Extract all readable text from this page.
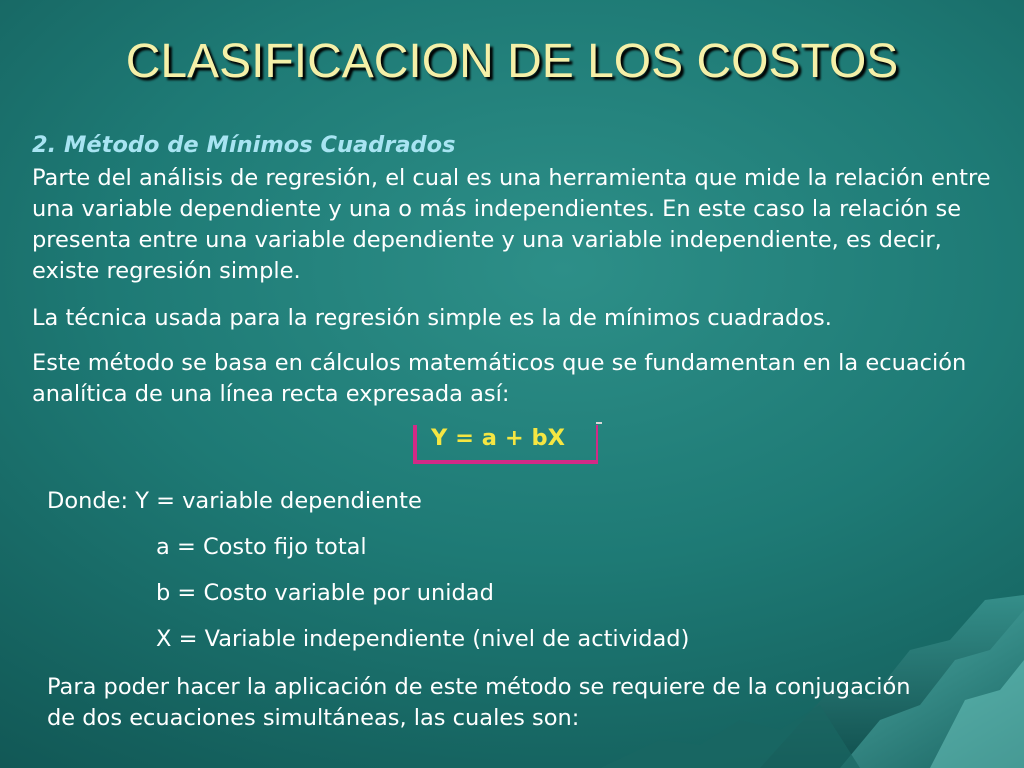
CLASIFICACION DE LOS COSTOS
2. Método de Mínimos Cuadrados

Parte del análisis de regresión, el cual es una herramienta que mide la relación entre una variable dependiente y una o más independientes. En este caso la relación se presenta entre una variable dependiente y una variable independiente, es decir, existe regresión simple.

La técnica usada para la regresión simple es la de mínimos cuadrados.

Este método se basa en cálculos matemáticos que se fundamentan en la ecuación analítica de una línea recta expresada así:

Y = a + bX
Donde: Y = variable dependiente
a = Costo fijo total
b = Costo variable por unidad
X = Variable independiente (nivel de actividad)

Para poder hacer la aplicación de este método se requiere de la conjugación de dos ecuaciones simultáneas, las cuales son:
